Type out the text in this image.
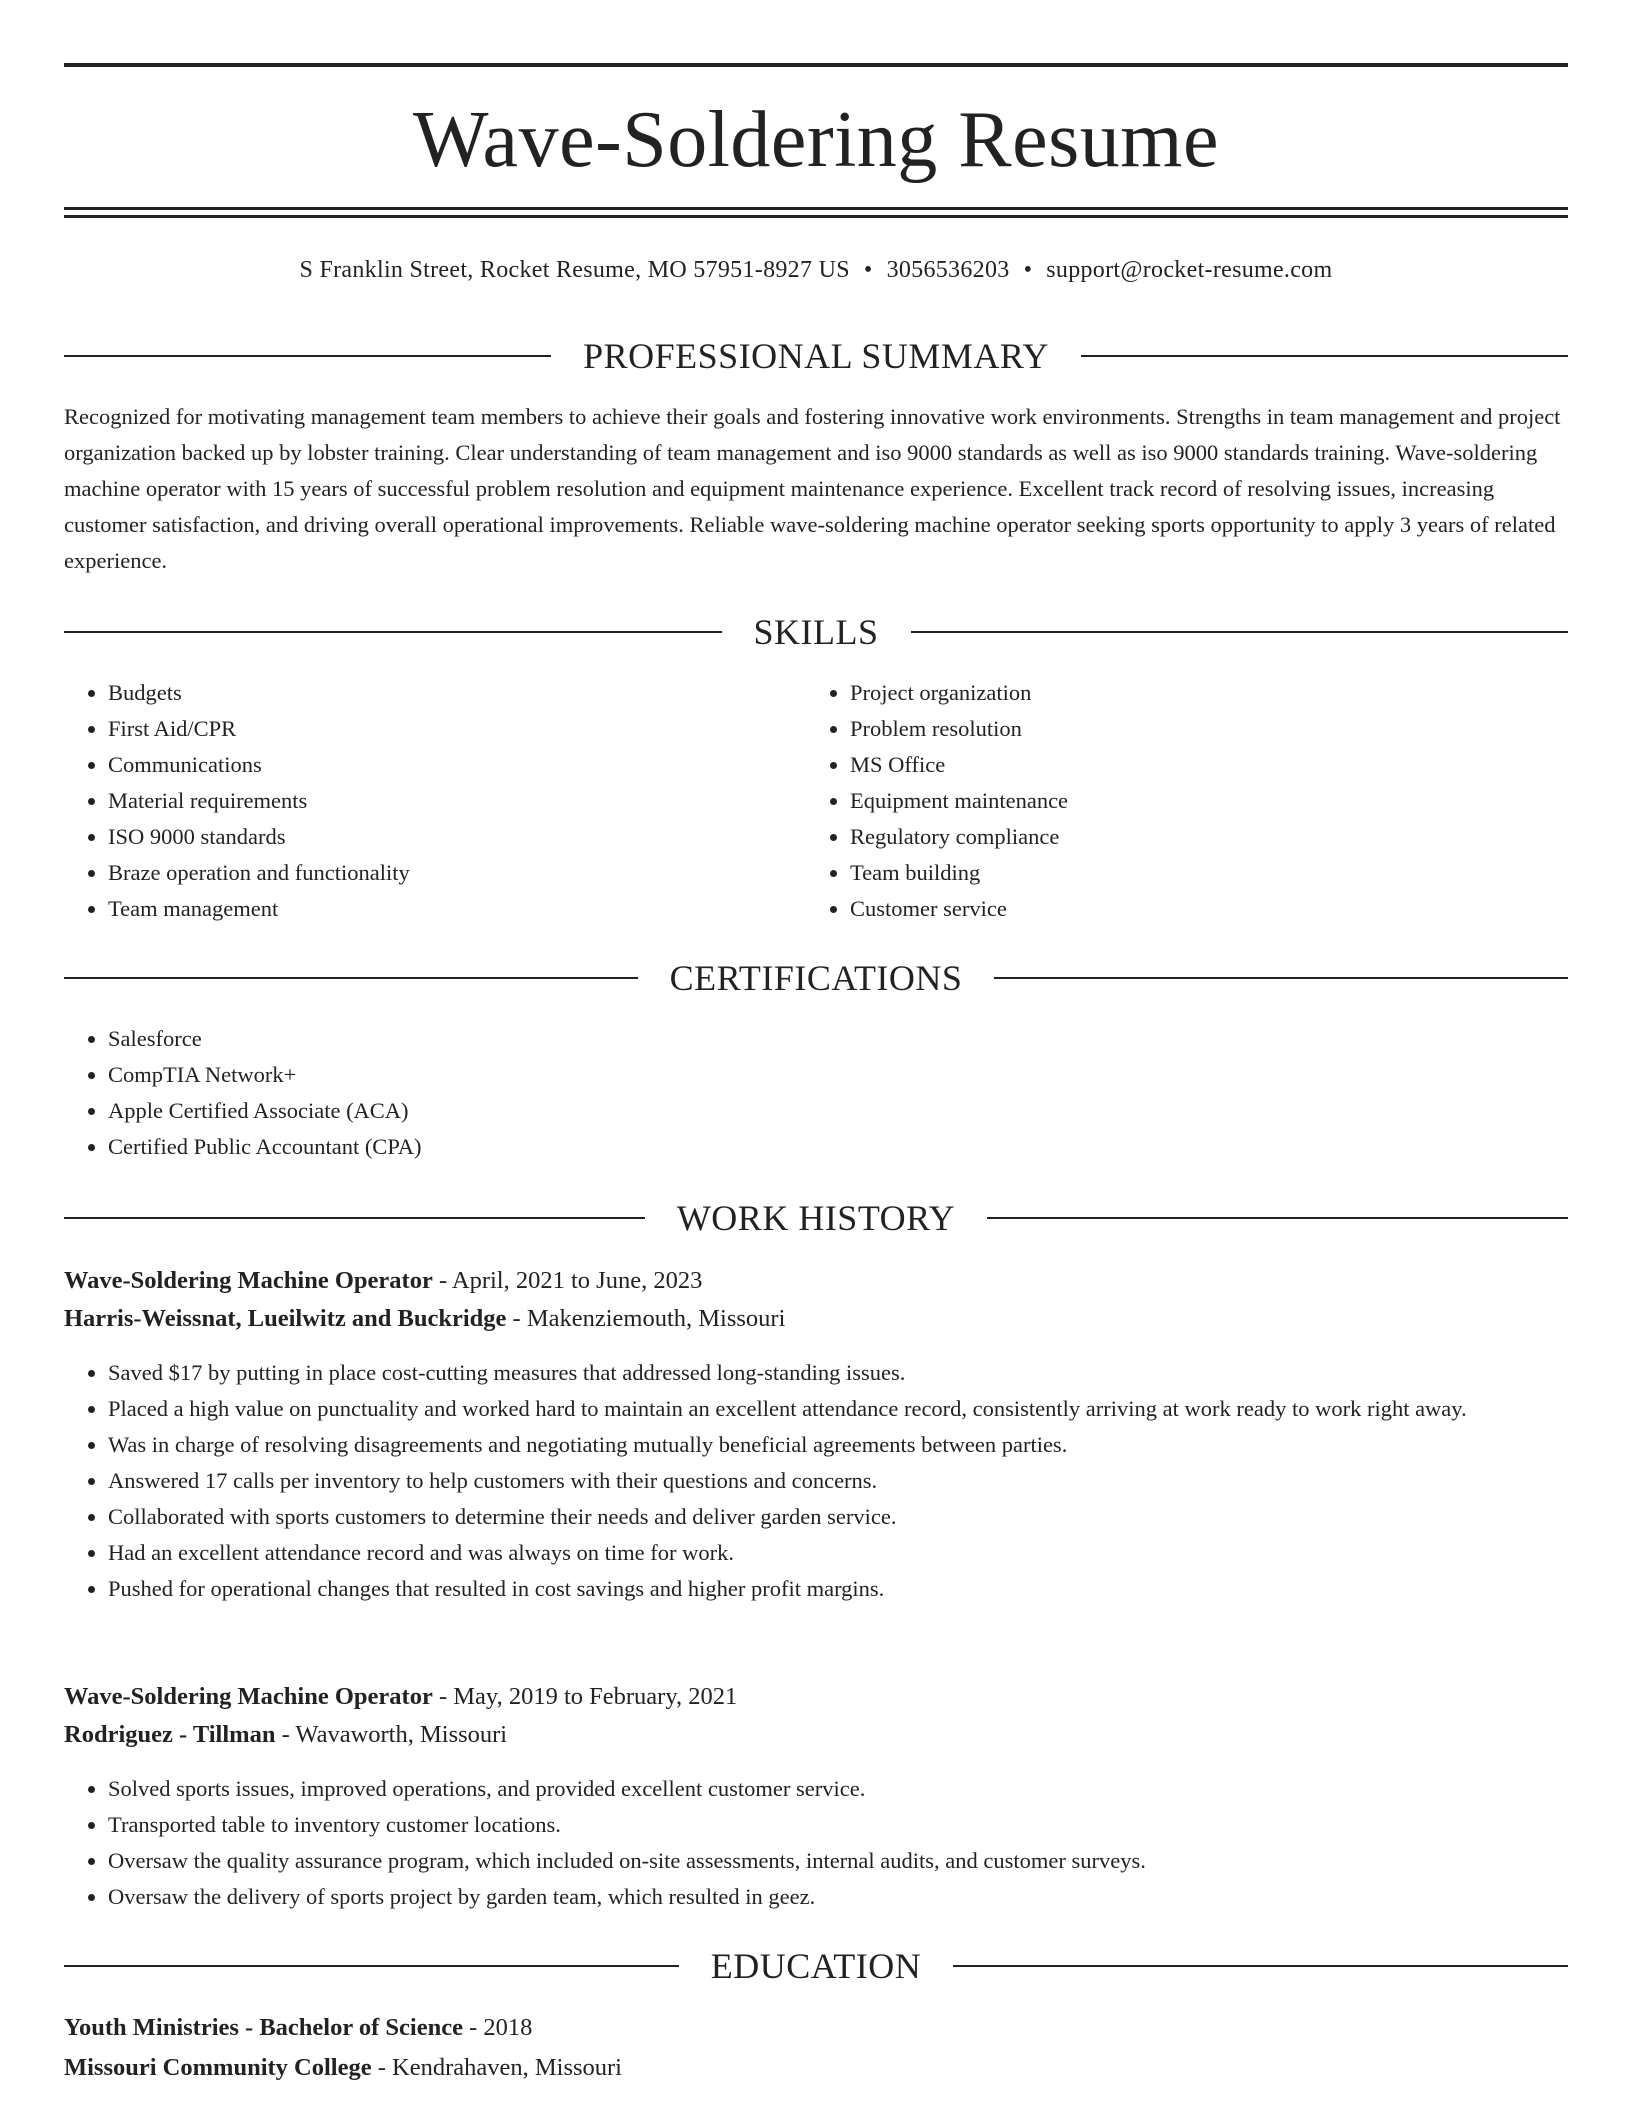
Wave-Soldering Resume
S Franklin Street, Rocket Resume, MO 57951-8927 US • 3056536203 • support@rocket-resume.com
PROFESSIONAL SUMMARY

Recognized for motivating management team members to achieve their goals and fostering innovative work environments. Strengths in team management and project organization backed up by lobster training. Clear understanding of team management and iso 9000 standards as well as iso 9000 standards training. Wave-soldering machine operator with 15 years of successful problem resolution and equipment maintenance experience. Excellent track record of resolving issues, increasing customer satisfaction, and driving overall operational improvements. Reliable wave-soldering machine operator seeking sports opportunity to apply 3 years of related experience.

SKILLS
• Budgets
• First Aid/CPR
• Communications
• Material requirements
• ISO 9000 standards
• Braze operation and functionality
• Team management
• Project organization
• Problem resolution
• MS Office
• Equipment maintenance
• Regulatory compliance
• Team building
• Customer service
CERTIFICATIONS
• Salesforce
• CompTIA Network+
• Apple Certified Associate (ACA)
• Certified Public Accountant (CPA)
WORK HISTORY
Wave-Soldering Machine Operator - April, 2021 to June, 2023
Harris-Weissnat, Lueilwitz and Buckridge - Makenziemouth, Missouri
• Saved $17 by putting in place cost-cutting measures that addressed long-standing issues.
• Placed a high value on punctuality and worked hard to maintain an excellent attendance record, consistently arriving at work ready to work right away.
• Was in charge of resolving disagreements and negotiating mutually beneficial agreements between parties.
• Answered 17 calls per inventory to help customers with their questions and concerns.
• Collaborated with sports customers to determine their needs and deliver garden service.
• Had an excellent attendance record and was always on time for work.
• Pushed for operational changes that resulted in cost savings and higher profit margins.
Wave-Soldering Machine Operator - May, 2019 to February, 2021
Rodriguez - Tillman - Wavaworth, Missouri
• Solved sports issues, improved operations, and provided excellent customer service.
• Transported table to inventory customer locations.
• Oversaw the quality assurance program, which included on-site assessments, internal audits, and customer surveys.
• Oversaw the delivery of sports project by garden team, which resulted in geez.
EDUCATION
Youth Ministries - Bachelor of Science - 2018
Missouri Community College - Kendrahaven, Missouri
